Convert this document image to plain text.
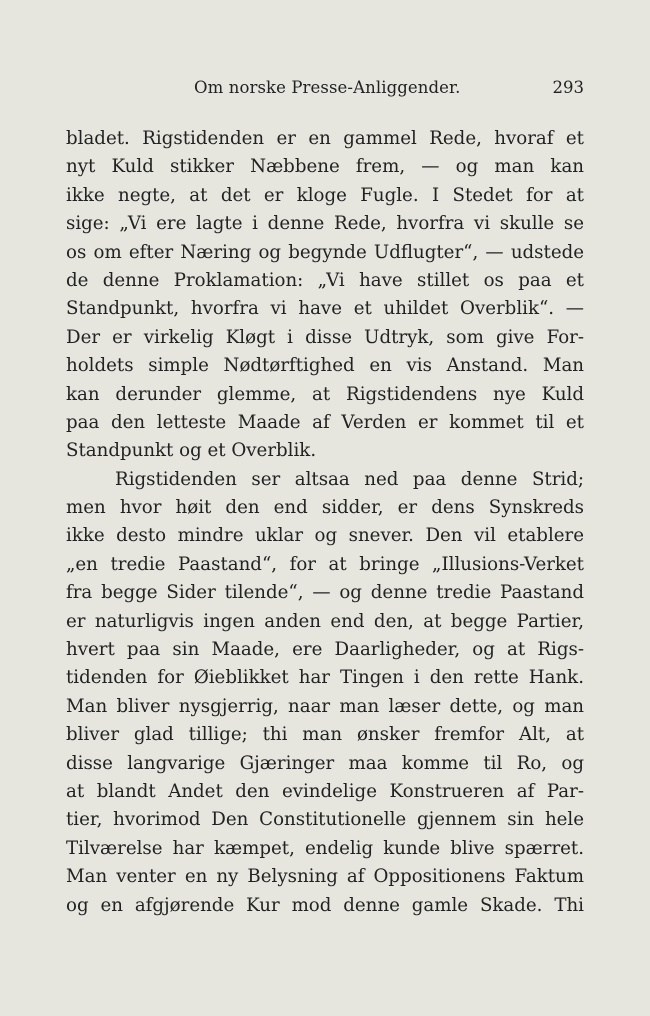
Om norske Presse-Anliggender.	293
bladet. Rigstidenden er en gammel Rede, hvoraf et
nyt Kuld stikker Næbbene frem, — og man kan
ikke negte, at det er kloge Fugle. I Stedet for at
sige: „Vi ere lagte i denne Rede, hvorfra vi skulle se
os om efter Næring og begynde Udflugter“, — udstede
de denne Proklamation: „Vi have stillet os paa et
Standpunkt, hvorfra vi have et uhildet Overblik“. —
Der er virkelig Kløgt i disse Udtryk, som give For-
holdets simple Nødtørftighed en vis Anstand. Man
kan derunder glemme, at Rigstidendens nye Kuld
paa den letteste Maade af Verden er kommet til et
Standpunkt og et Overblik.
Rigstidenden ser altsaa ned paa denne Strid;
men hvor høit den end sidder, er dens Synskreds
ikke desto mindre uklar og snever. Den vil etablere
„en tredie Paastand“, for at bringe „Illusions-Verket
fra begge Sider tilende“, — og denne tredie Paastand
er naturligvis ingen anden end den, at begge Partier,
hvert paa sin Maade, ere Daarligheder, og at Rigs-
tidenden for Øieblikket har Tingen i den rette Hank.
Man bliver nysgjerrig, naar man læser dette, og man
bliver glad tillige; thi man ønsker fremfor Alt, at
disse langvarige Gjæringer maa komme til Ro, og
at blandt Andet den evindelige Konstrueren af Par-
tier, hvorimod Den Constitutionelle gjennem sin hele
Tilværelse har kæmpet, endelig kunde blive spærret.
Man venter en ny Belysning af Oppositionens Faktum
og en afgjørende Kur mod denne gamle Skade. Thi
